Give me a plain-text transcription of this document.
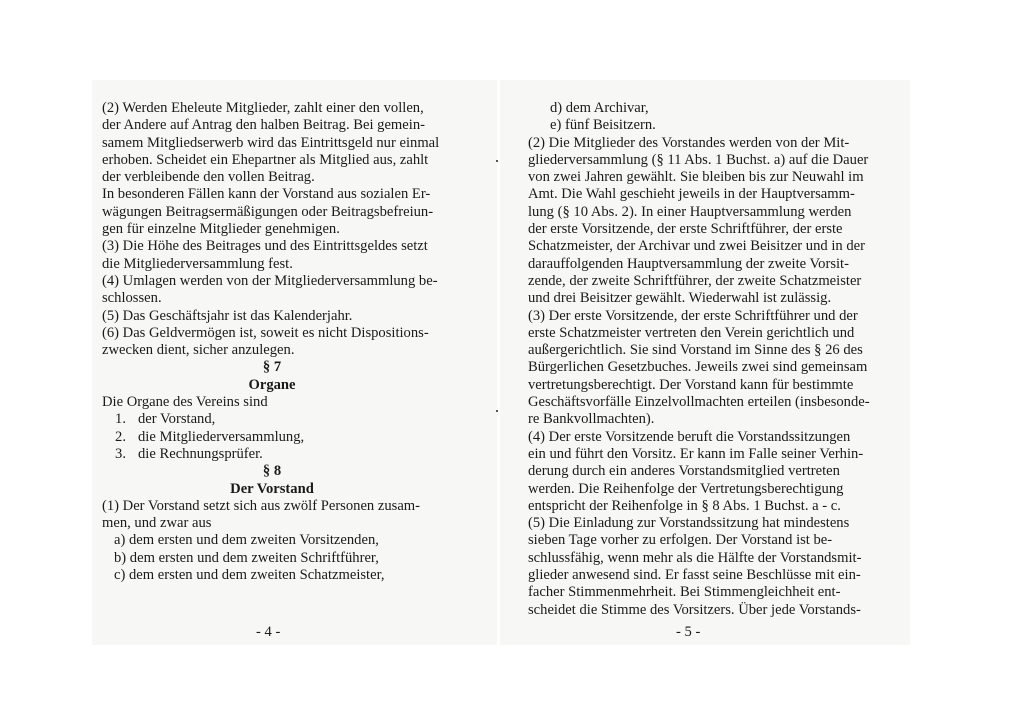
(2) Werden Eheleute Mitglieder, zahlt einer den vollen,

der Andere auf Antrag den halben Beitrag. Bei gemein-

samem Mitgliedserwerb wird das Eintrittsgeld nur einmal

erhoben. Scheidet ein Ehepartner als Mitglied aus, zahlt

der verbleibende den vollen Beitrag.

In besonderen Fällen kann der Vorstand aus sozialen Er-

wägungen Beitragsermäßigungen oder Beitragsbefreiun-

gen für einzelne Mitglieder genehmigen.

(3) Die Höhe des Beitrages und des Eintrittsgeldes setzt

die Mitgliederversammlung fest.

(4) Umlagen werden von der Mitgliederversammlung be-

schlossen.

(5) Das Geschäftsjahr ist das Kalenderjahr.

(6) Das Geldvermögen ist, soweit es nicht Dispositions-

zwecken dient, sicher anzulegen.

§ 7

Organe

Die Organe des Vereins sind

1. der Vorstand,
2. die Mitgliederversammlung,
3. die Rechnungsprüfer.

§ 8

Der Vorstand

(1) Der Vorstand setzt sich aus zwölf Personen zusam-

men, und zwar aus

a) dem ersten und dem zweiten Vorsitzenden,

b) dem ersten und dem zweiten Schriftführer,

c) dem ersten und dem zweiten Schatzmeister,

- 4 -

d) dem Archivar,

e) fünf Beisitzern.

(2) Die Mitglieder des Vorstandes werden von der Mit-

gliederversammlung (§ 11 Abs. 1 Buchst. a) auf die Dauer

von zwei Jahren gewählt. Sie bleiben bis zur Neuwahl im

Amt. Die Wahl geschieht jeweils in der Hauptversamm-

lung (§ 10 Abs. 2). In einer Hauptversammlung werden

der erste Vorsitzende, der erste Schriftführer, der erste

Schatzmeister, der Archivar und zwei Beisitzer und in der

darauffolgenden Hauptversammlung der zweite Vorsit-

zende, der zweite Schriftführer, der zweite Schatzmeister

und drei Beisitzer gewählt. Wiederwahl ist zulässig.

(3) Der erste Vorsitzende, der erste Schriftführer und der

erste Schatzmeister vertreten den Verein gerichtlich und

außergerichtlich. Sie sind Vorstand im Sinne des § 26 des

Bürgerlichen Gesetzbuches. Jeweils zwei sind gemeinsam

vertretungsberechtigt. Der Vorstand kann für bestimmte

Geschäftsvorfälle Einzelvollmachten erteilen (insbesonde-

re Bankvollmachten).

(4) Der erste Vorsitzende beruft die Vorstandssitzungen

ein und führt den Vorsitz. Er kann im Falle seiner Verhin-

derung durch ein anderes Vorstandsmitglied vertreten

werden. Die Reihenfolge der Vertretungsberechtigung

entspricht der Reihenfolge in § 8 Abs. 1 Buchst. a - c.

(5) Die Einladung zur Vorstandssitzung hat mindestens

sieben Tage vorher zu erfolgen. Der Vorstand ist be-

schlussfähig, wenn mehr als die Hälfte der Vorstandsmit-

glieder anwesend sind. Er fasst seine Beschlüsse mit ein-

facher Stimmenmehrheit. Bei Stimmengleichheit ent-

scheidet die Stimme des Vorsitzers. Über jede Vorstands-

- 5 -
